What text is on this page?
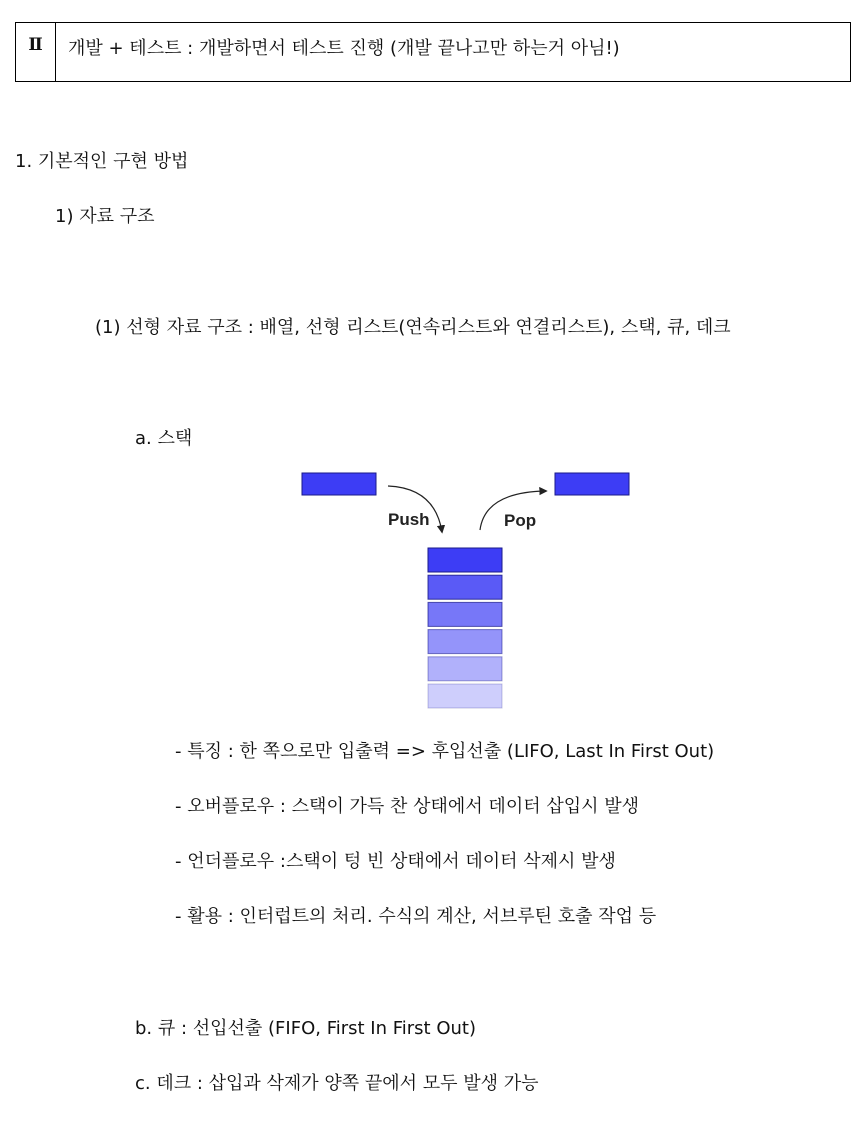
Ⅱ	개발 + 테스트 : 개발하면서 테스트 진행 (개발 끝나고만 하는거 아님!)
1. 기본적인 구현 방법
1) 자료 구조
(1) 선형 자료 구조 : 배열, 선형 리스트(연속리스트와 연결리스트), 스택, 큐, 데크
a. 스택
Push	Pop
- 특징 : 한 쪽으로만 입출력 => 후입선출 (LIFO, Last In First Out)
- 오버플로우 : 스택이 가득 찬 상태에서 데이터 삽입시 발생
- 언더플로우 :스택이 텅 빈 상태에서 데이터 삭제시 발생
- 활용 : 인터럽트의 처리. 수식의 계산, 서브루틴 호출 작업 등
b. 큐 : 선입선출 (FIFO, First In First Out)
c. 데크 : 삽입과 삭제가 양쪽 끝에서 모두 발생 가능
